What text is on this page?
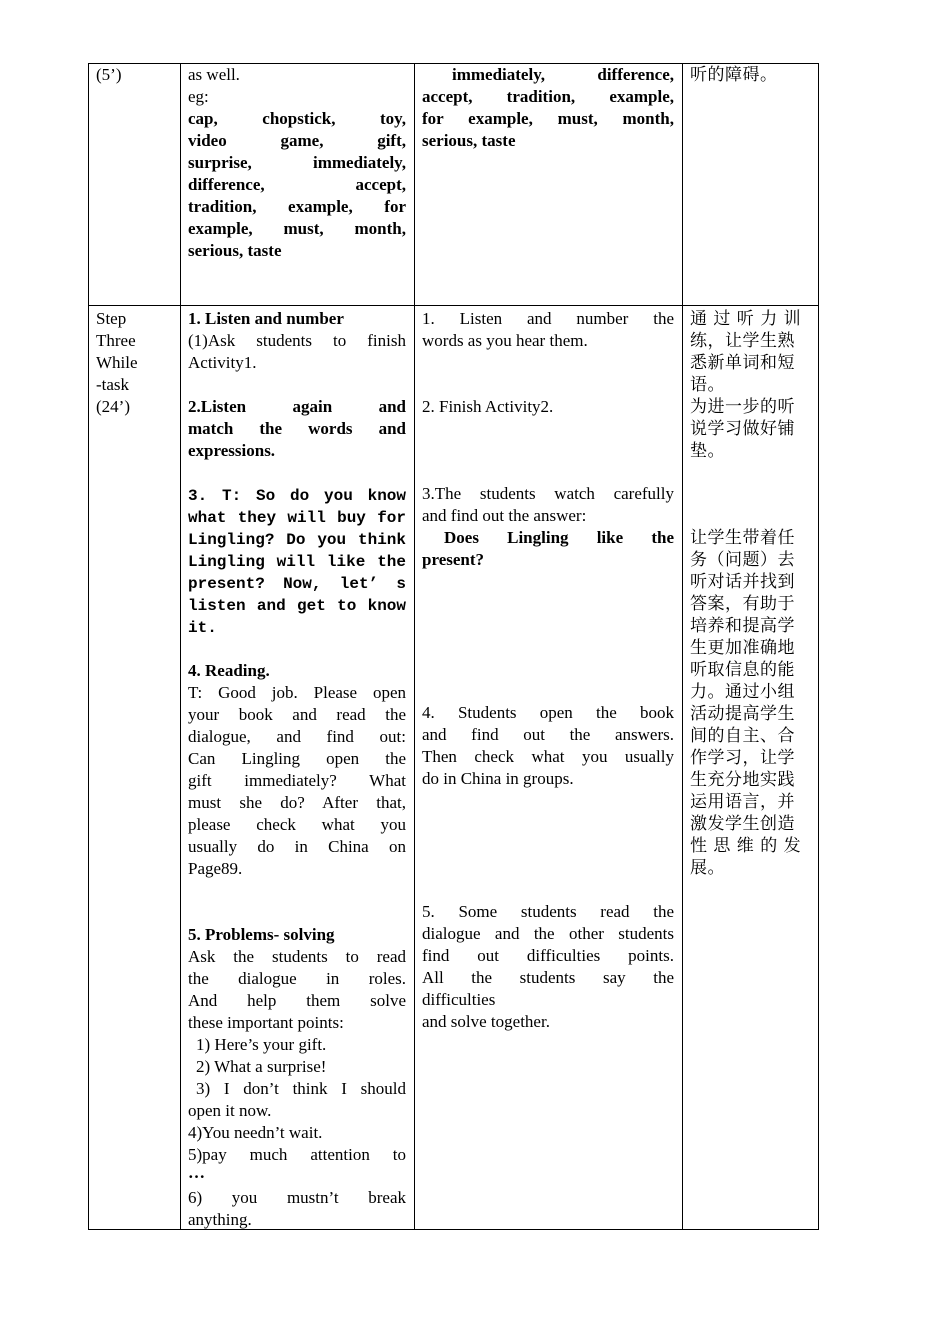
(5’)	as well.
eg:
cap, chopstick, toy,
video game, gift,
surprise, immediately,
difference, accept,
tradition, example, for
example, must, month,
serious, taste
immediately, difference,
accept, tradition, example,
for example, must, month,
serious, taste
听的障碍。
Step
Three
While
-task
(24’)
1. Listen and number
(1)Ask students to finish
Activity1.
2.Listen again and
match the words and
expressions.
3. T: So do you know
what they will buy for
Lingling? Do you think
Lingling will like the
present? Now, let’ s
listen and get to know
it.
4. Reading.
T: Good job. Please open
your book and read the
dialogue, and find out:
Can Lingling open the
gift immediately? What
must she do? After that,
please check what you
usually do in China on
Page89.
5. Problems- solving
Ask the students to read
the dialogue in roles.
And help them solve
these important points:
1) Here’s your gift.
2) What a surprise!
3) I don’t think I should
open it now.
4)You needn’t wait.
5)pay much attention to
…
6) you mustn’t break
anything.
1. Listen and number the
words as you hear them.
2. Finish Activity2.
3.The students watch carefully
and find out the answer:
Does Lingling like the
present?
4. Students open the book
and find out the answers.
Then check what you usually
do in China in groups.
5. Some students read the
dialogue and the other students
find out difficulties points.
All the students say the
difficulties
and solve together.
通 过 听 力 训
练，让学生熟
悉新单词和短
语。
为进一步的听
说学习做好铺
垫。
让学生带着任
务（问题）去
听对话并找到
答案，有助于
培养和提高学
生更加准确地
听取信息的能
力。通过小组
活动提高学生
间的自主、合
作学习，让学
生充分地实践
运用语言，并
激发学生创造
性 思 维 的 发
展。
